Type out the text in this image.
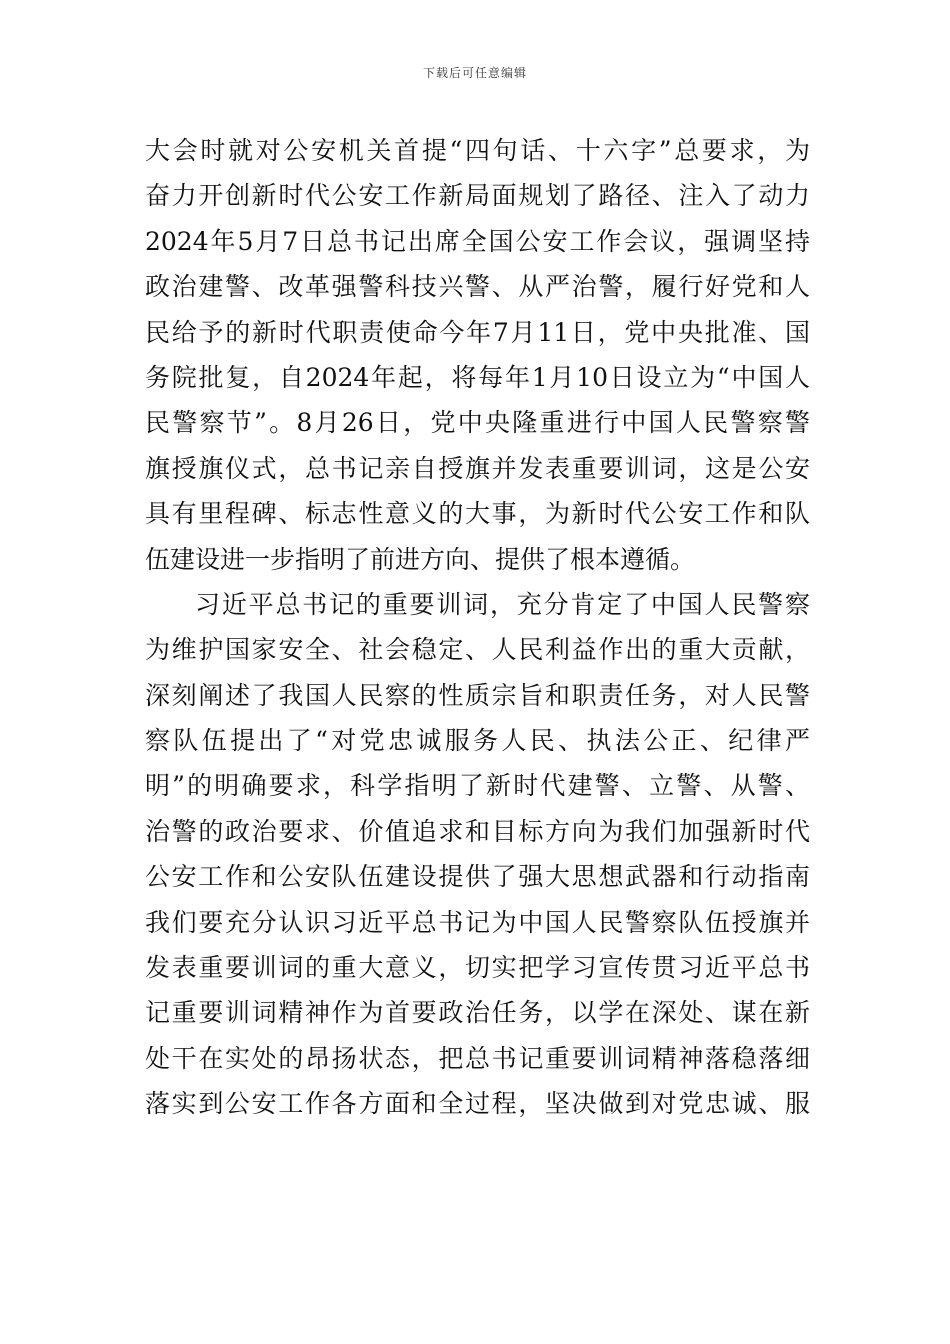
下载后可任意编辑
大会时就对公安机关首提“四句话、十六字”总要求，为
奋力开创新时代公安工作新局面规划了路径、注入了动力
2024年5月7日总书记出席全国公安工作会议，强调坚持
政治建警、改革强警科技兴警、从严治警，履行好党和人
民给予的新时代职责使命今年7月11日，党中央批准、国
务院批复，自2024年起，将每年1月10日设立为“中国人
民警察节”。8月26日，党中央隆重进行中国人民警察警
旗授旗仪式，总书记亲自授旗并发表重要训词，这是公安
具有里程碑、标志性意义的大事，为新时代公安工作和队
伍建设进一步指明了前进方向、提供了根本遵循。
习近平总书记的重要训词，充分肯定了中国人民警察
为维护国家安全、社会稳定、人民利益作出的重大贡献，
深刻阐述了我国人民察的性质宗旨和职责任务，对人民警
察队伍提出了“对党忠诚服务人民、执法公正、纪律严
明”的明确要求，科学指明了新时代建警、立警、从警、
治警的政治要求、价值追求和目标方向为我们加强新时代
公安工作和公安队伍建设提供了强大思想武器和行动指南
我们要充分认识习近平总书记为中国人民警察队伍授旗并
发表重要训词的重大意义，切实把学习宣传贯习近平总书
记重要训词精神作为首要政治任务，以学在深处、谋在新
处干在实处的昂扬状态，把总书记重要训词精神落稳落细
落实到公安工作各方面和全过程，坚决做到对党忠诚、服
